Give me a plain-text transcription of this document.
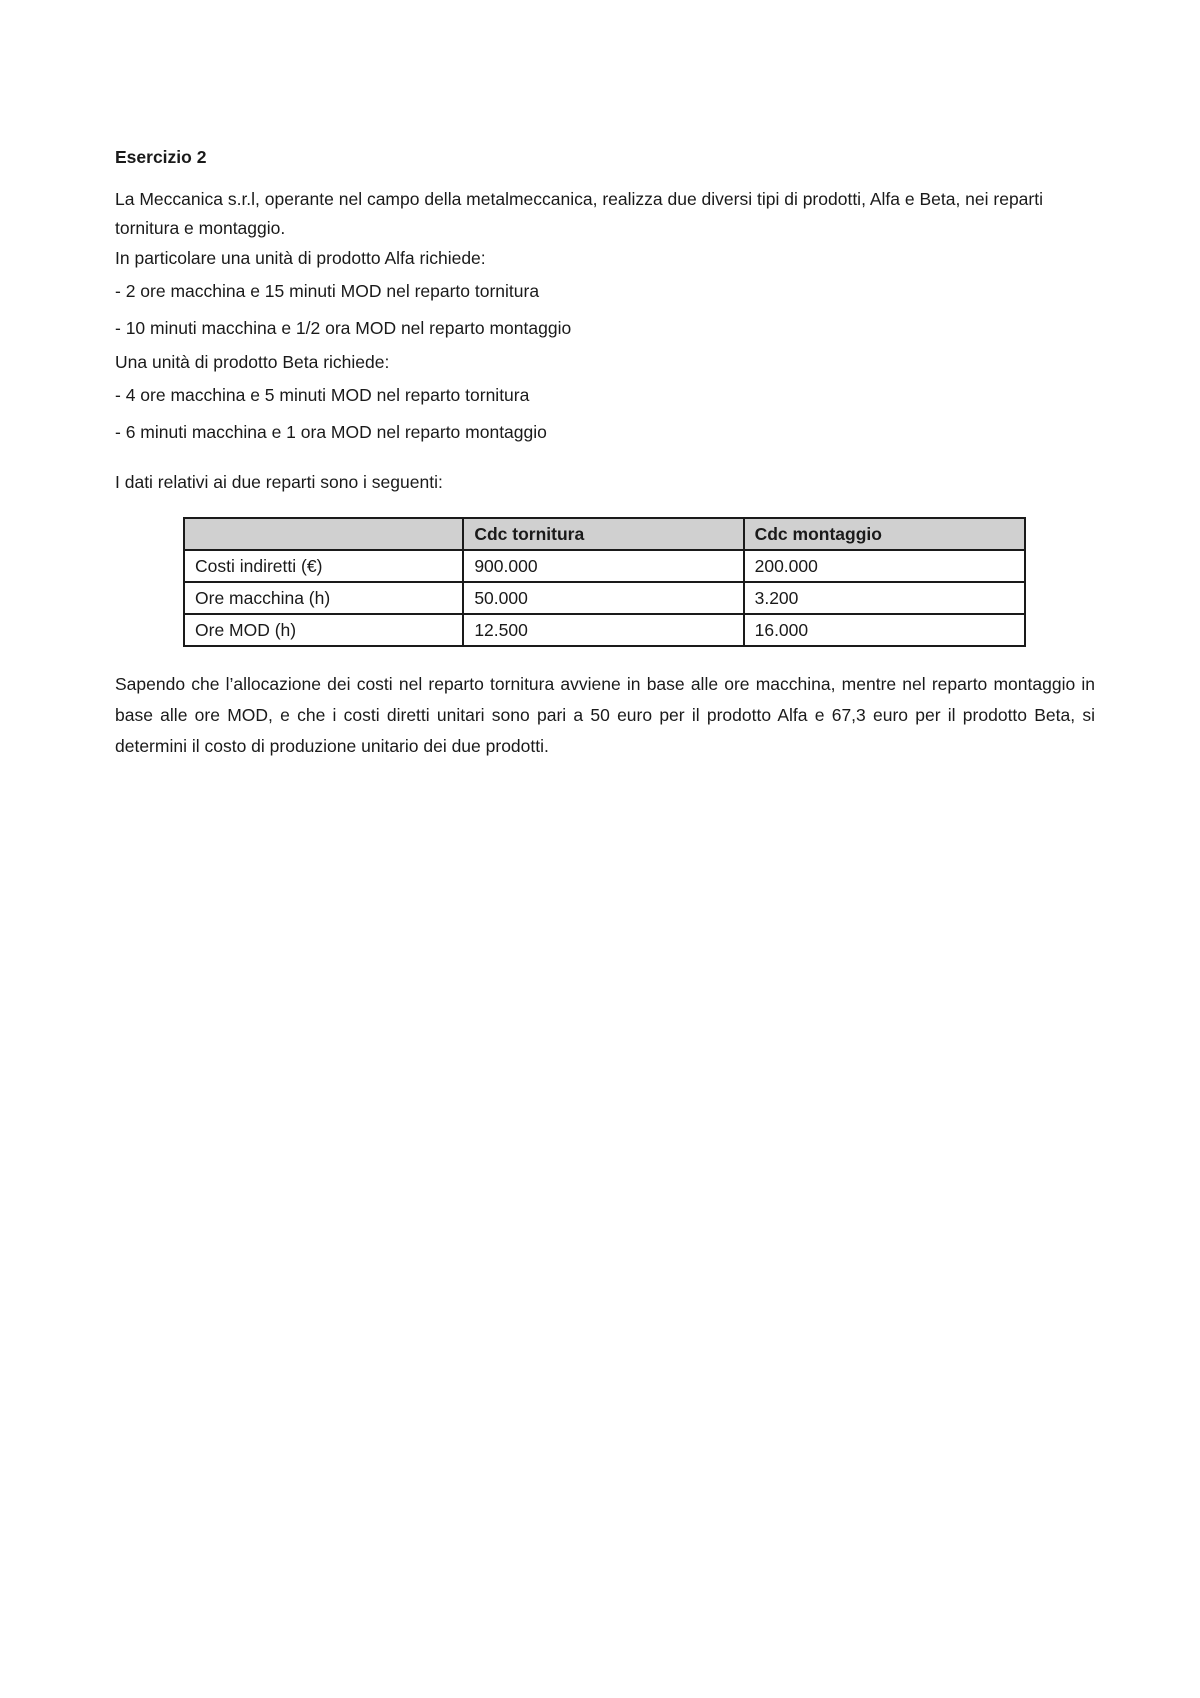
Esercizio 2

La Meccanica s.r.l, operante nel campo della metalmeccanica, realizza due diversi tipi di prodotti, Alfa e Beta, nei reparti tornitura e montaggio.

In particolare una unità di prodotto Alfa richiede:

- 2 ore macchina e 15 minuti MOD nel reparto tornitura

- 10 minuti macchina e 1/2 ora MOD nel reparto montaggio

Una unità di prodotto Beta richiede:

- 4 ore macchina e 5 minuti MOD nel reparto tornitura

- 6 minuti macchina e 1 ora MOD nel reparto montaggio

I dati relativi ai due reparti sono i seguenti:

	Cdc tornitura	Cdc montaggio
Costi indiretti (€)	900.000	200.000
Ore macchina (h)	50.000	3.200
Ore MOD (h)	12.500	16.000

Sapendo che l’allocazione dei costi nel reparto tornitura avviene in base alle ore macchina, mentre nel reparto montaggio in base alle ore MOD, e che i costi diretti unitari sono pari a 50 euro per il prodotto Alfa e 67,3 euro per il prodotto Beta, si determini il costo di produzione unitario dei due prodotti.
